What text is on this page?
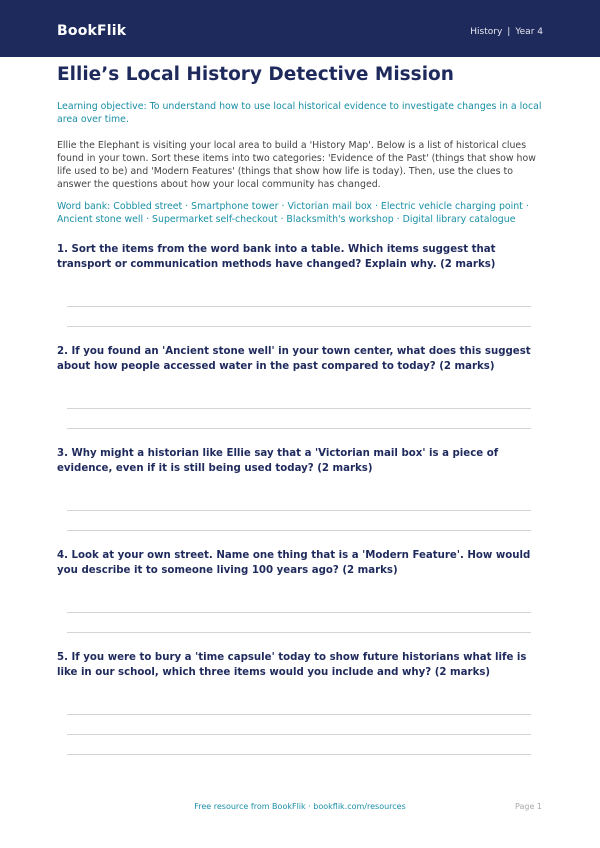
BookFlik	History | Year 4
Ellie’s Local History Detective Mission

Learning objective: To understand how to use local historical evidence to investigate changes in a local area over time.

Ellie the Elephant is visiting your local area to build a 'History Map'. Below is a list of historical clues found in your town. Sort these items into two categories: 'Evidence of the Past' (things that show how life used to be) and 'Modern Features' (things that show how life is today). Then, use the clues to answer the questions about how your local community has changed.

Word bank: Cobbled street · Smartphone tower · Victorian mail box · Electric vehicle charging point · Ancient stone well · Supermarket self-checkout · Blacksmith's workshop · Digital library catalogue

1. Sort the items from the word bank into a table. Which items suggest that transport or communication methods have changed? Explain why. (2 marks)

2. If you found an 'Ancient stone well' in your town center, what does this suggest about how people accessed water in the past compared to today? (2 marks)

3. Why might a historian like Ellie say that a 'Victorian mail box' is a piece of evidence, even if it is still being used today? (2 marks)

4. Look at your own street. Name one thing that is a 'Modern Feature'. How would you describe it to someone living 100 years ago? (2 marks)

5. If you were to bury a 'time capsule' today to show future historians what life is like in our school, which three items would you include and why? (2 marks)

Free resource from BookFlik · bookflik.com/resources	Page 1
